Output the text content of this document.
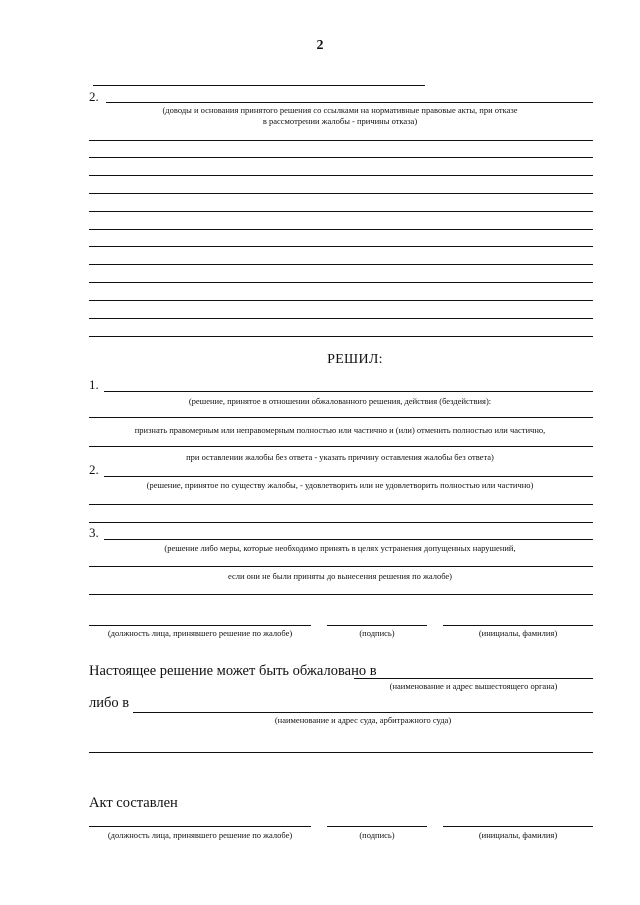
2
2.
(доводы и основания принятого решения со ссылками на нормативные правовые акты, при отказе
в рассмотрении жалобы - причины отказа)
РЕШИЛ:
1.
(решение, принятое в отношении обжалованного решения, действия (бездействия):
признать правомерным или неправомерным полностью или частично и (или) отменить полностью или частично,
при оставлении жалобы без ответа - указать причину оставления жалобы без ответа)
2.
(решение, принятое по существу жалобы, - удовлетворить или не удовлетворить полностью или частично)
3.
(решение либо меры, которые необходимо принять в целях устранения допущенных нарушений,
если они не были приняты до вынесения решения по жалобе)
(должность лица, принявшего решение по жалобе)	(подпись)	(инициалы, фамилия)
Настоящее решение может быть обжаловано в
(наименование и адрес вышестоящего органа)
либо в
(наименование и адрес суда, арбитражного суда)
Акт составлен
(должность лица, принявшего решение по жалобе)	(подпись)	(инициалы, фамилия)
